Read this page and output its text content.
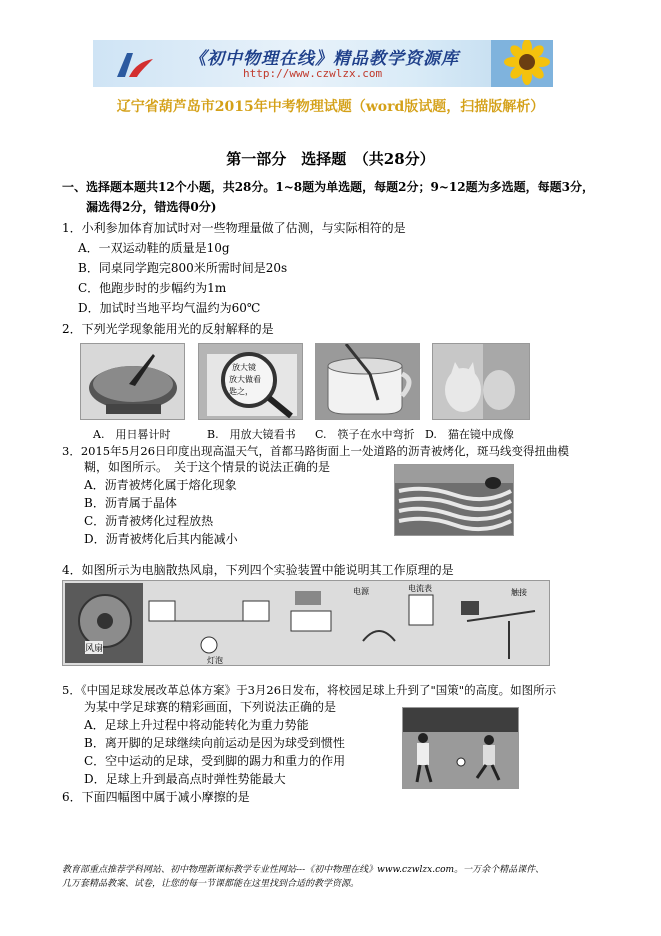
《初中物理在线》精品教学资源库
http://www.czwlzx.com
辽宁省葫芦岛市2015年中考物理试题（word版试题，扫描版解析）
第一部分　选择题　（共28分）
一、选择题本题共12个小题，共28分。1~8题为单选题，每题2分；9~12题为多选题，每题3分，
漏选得2分，错选得0分)
1．小利参加体育加试时对一些物理量做了估测，与实际相符的是
A．一双运动鞋的质量是10g
B．同桌同学跑完800米所需时间是20s
C．他跑步时的步幅约为1m
D．加试时当地平均气温约为60℃
2．下列光学现象能用光的反射解释的是
放大镜
放大做看
匙之，
A.　用日晷计时	B.　用放大镜看书 C.　筷子在水中弯折 D.　猫在镜中成像
3．2015年5月26日印度出现高温天气，首都马路街面上一处道路的沥青被烤化，斑马线变得扭曲模
糊，如图所示。　关于这个情景的说法正确的是
A．沥青被烤化属于熔化现象
B．沥青属于晶体
C．沥青被烤化过程放热
D．沥青被烤化后其内能减小
4．如图所示为电脑散热风扇，下列四个实验装置中能说明其工作原理的是
风扇
灯泡
电源	电流表	触接
5．《中国足球发展改革总体方案》于3月26日发布，将校园足球上升到了"国策"的高度。如图所示
为某中学足球赛的精彩画面，下列说法正确的是
A．足球上升过程中将动能转化为重力势能
B．离开脚的足球继续向前运动是因为球受到惯性
C．空中运动的足球，受到脚的踢力和重力的作用
D．足球上升到最高点时弹性势能最大
6．下面四幅图中属于减小摩擦的是
教育部重点推荐学科网站、初中物理新课标教学专业性网站---《初中物理在线》www.czwlzx.com。一万余个精品课件、
几万套精品教案、试卷，让您的每一节课都能在这里找到合适的教学资源。
